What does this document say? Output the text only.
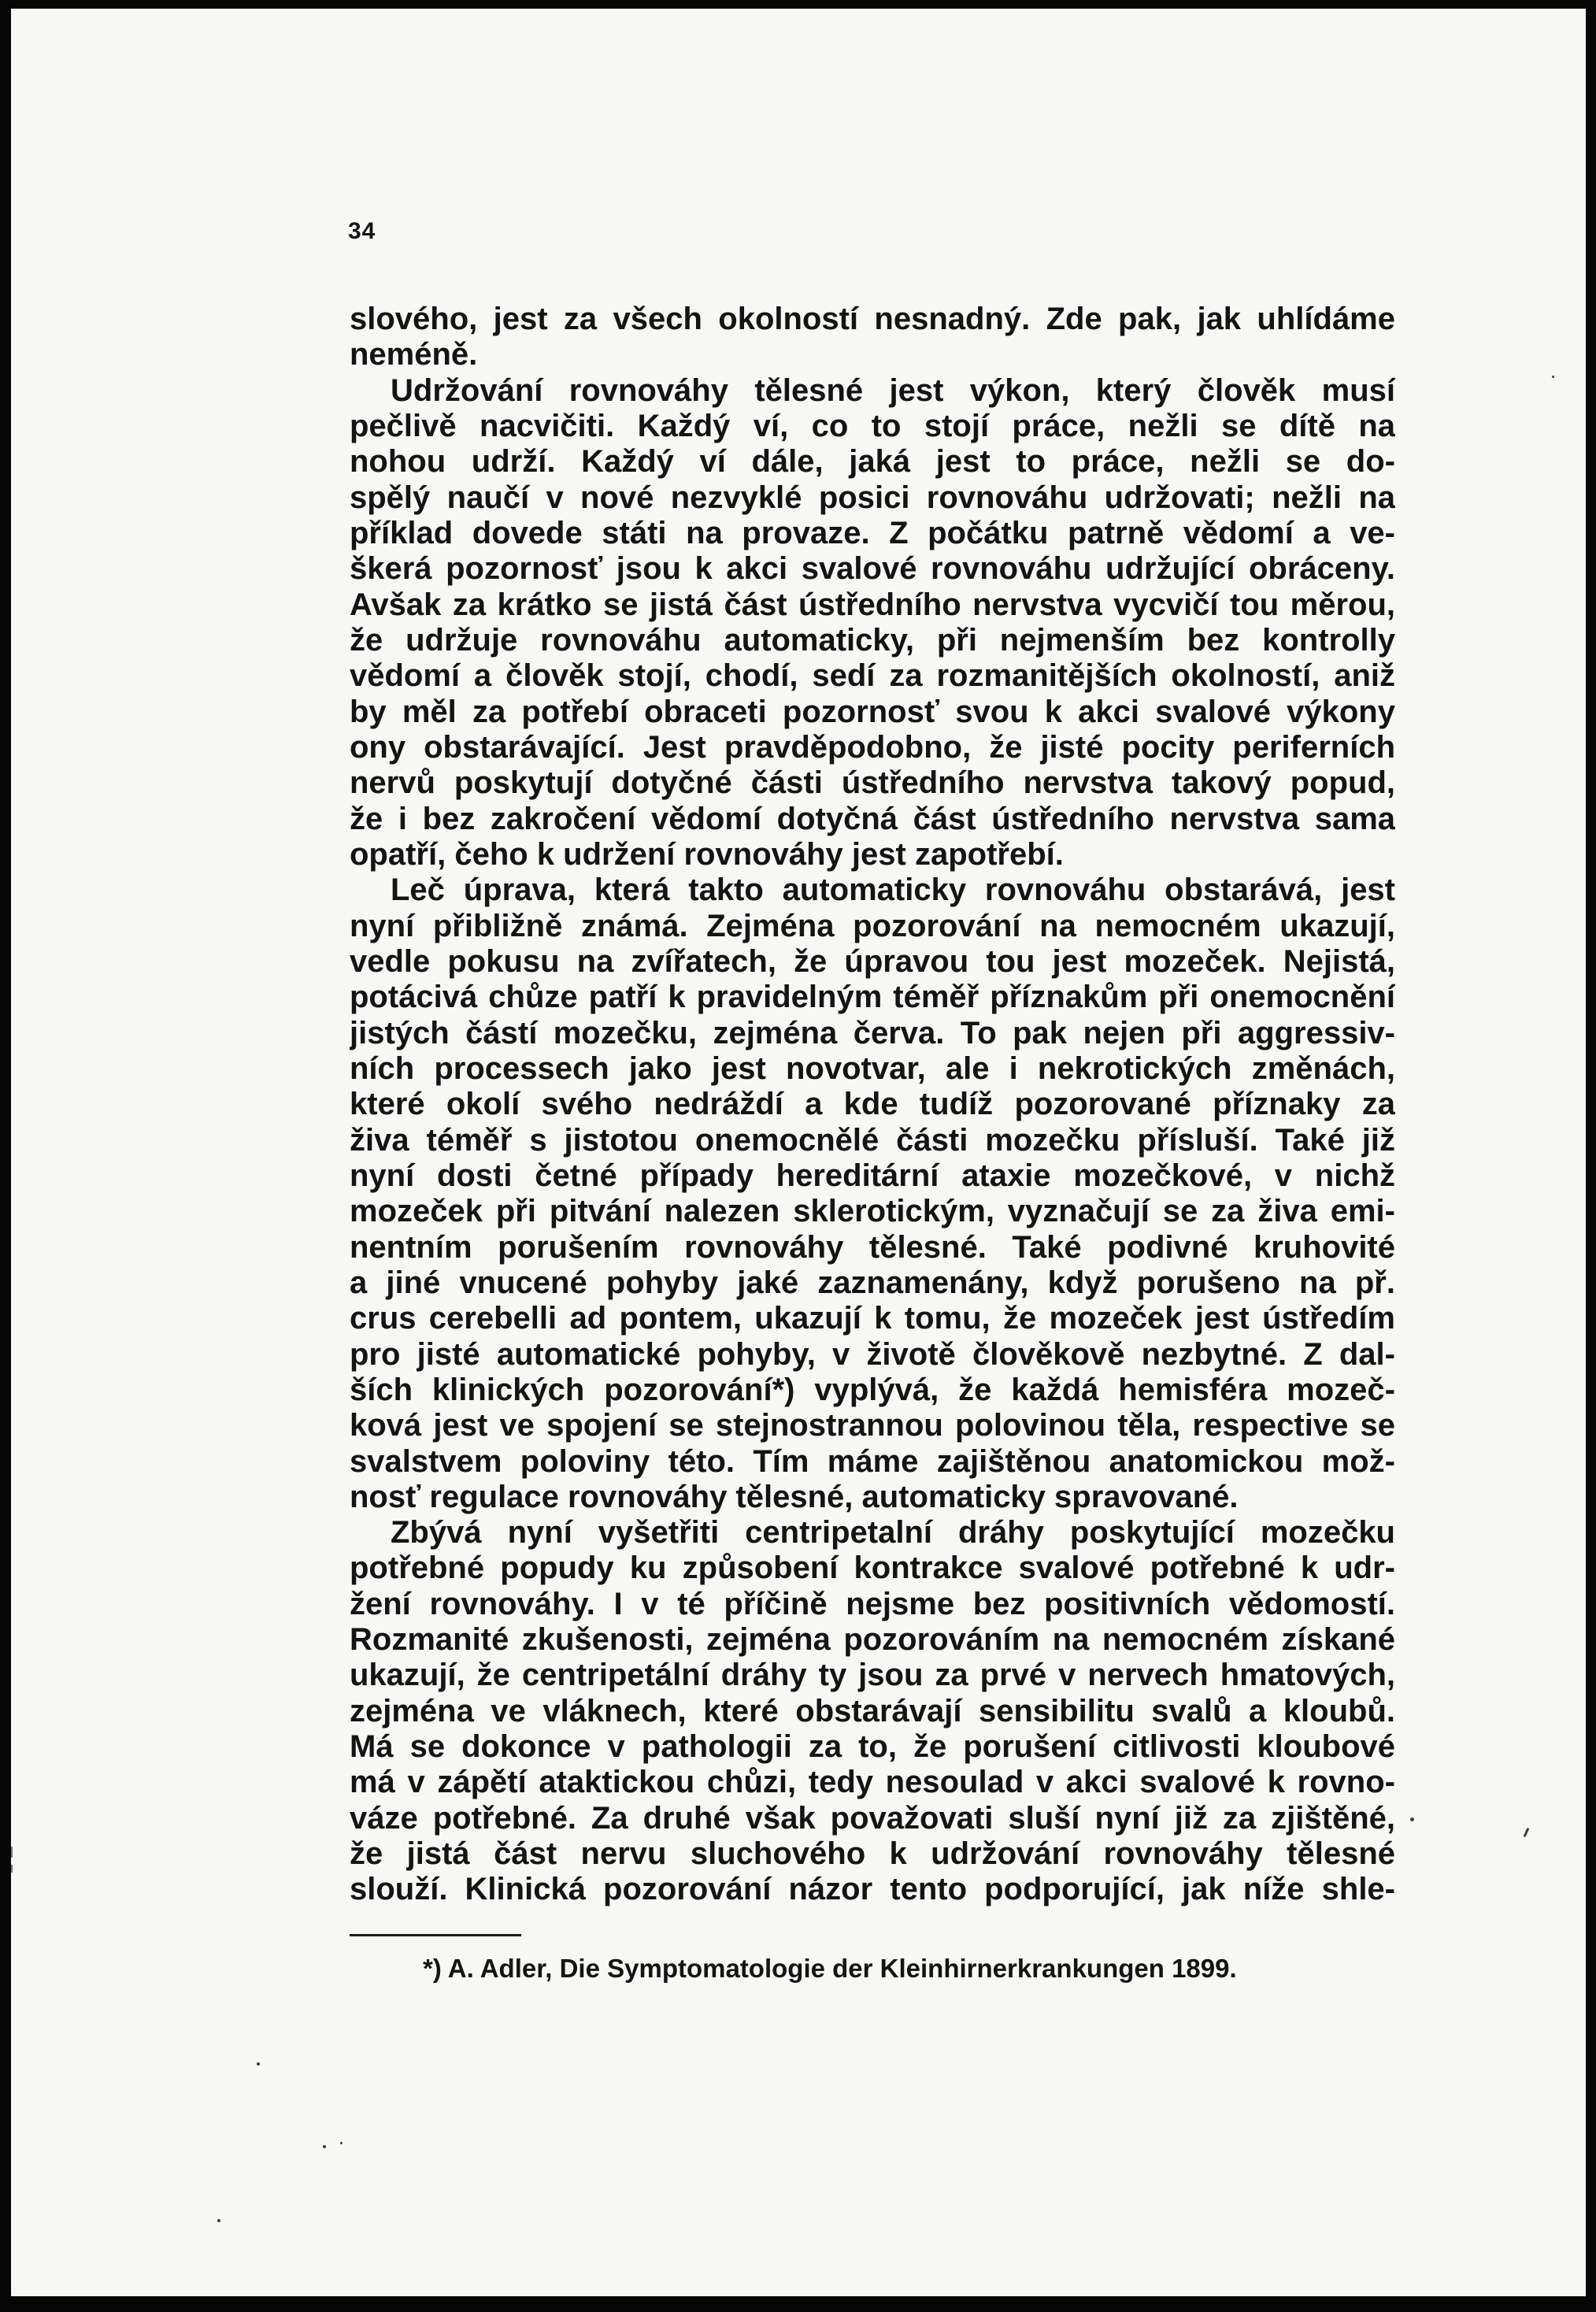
34
slového, jest za všech okolností nesnadný. Zde pak, jak uhlídáme
neméně.
Udržování rovnováhy tělesné jest výkon, který člověk musí
pečlivě nacvičiti. Každý ví, co to stojí práce, nežli se dítě na
nohou udrží. Každý ví dále, jaká jest to práce, nežli se do-
spělý naučí v nové nezvyklé posici rovnováhu udržovati; nežli na
příklad dovede státi na provaze. Z počátku patrně vědomí a ve-
škerá pozornosť jsou k akci svalové rovnováhu udržující obráceny.
Avšak za krátko se jistá část ústředního nervstva vycvičí tou měrou,
že udržuje rovnováhu automaticky, při nejmenším bez kontrolly
vědomí a člověk stojí, chodí, sedí za rozmanitějších okolností, aniž
by měl za potřebí obraceti pozornosť svou k akci svalové výkony
ony obstarávající. Jest pravděpodobno, že jisté pocity periferních
nervů poskytují dotyčné části ústředního nervstva takový popud,
že i bez zakročení vědomí dotyčná část ústředního nervstva sama
opatří, čeho k udržení rovnováhy jest zapotřebí.
Leč úprava, která takto automaticky rovnováhu obstarává, jest
nyní přibližně známá. Zejména pozorování na nemocném ukazují,
vedle pokusu na zvířatech, že úpravou tou jest mozeček. Nejistá,
potácivá chůze patří k pravidelným téměř příznakům při onemocnění
jistých částí mozečku, zejména červa. To pak nejen při aggressiv-
ních processech jako jest novotvar, ale i nekrotických změnách,
které okolí svého nedráždí a kde tudíž pozorované příznaky za
živa téměř s jistotou onemocnělé části mozečku přísluší. Také již
nyní dosti četné případy hereditární ataxie mozečkové, v nichž
mozeček při pitvání nalezen sklerotickým, vyznačují se za živa emi-
nentním porušením rovnováhy tělesné. Také podivné kruhovité
a jiné vnucené pohyby jaké zaznamenány, když porušeno na př.
crus cerebelli ad pontem, ukazují k tomu, že mozeček jest ústředím
pro jisté automatické pohyby, v životě člověkově nezbytné. Z dal-
ších klinických pozorování*) vyplývá, že každá hemisféra mozeč-
ková jest ve spojení se stejnostrannou polovinou těla, respective se
svalstvem poloviny této. Tím máme zajištěnou anatomickou mož-
nosť regulace rovnováhy tělesné, automaticky spravované.
Zbývá nyní vyšetřiti centripetalní dráhy poskytující mozečku
potřebné popudy ku způsobení kontrakce svalové potřebné k udr-
žení rovnováhy. I v té příčině nejsme bez positivních vědomostí.
Rozmanité zkušenosti, zejména pozorováním na nemocném získané
ukazují, že centripetální dráhy ty jsou za prvé v nervech hmatových,
zejména ve vláknech, které obstarávají sensibilitu svalů a kloubů.
Má se dokonce v pathologii za to, že porušení citlivosti kloubové
má v zápětí ataktickou chůzi, tedy nesoulad v akci svalové k rovno-
váze potřebné. Za druhé však považovati sluší nyní již za zjištěné,
že jistá část nervu sluchového k udržování rovnováhy tělesné
slouží. Klinická pozorování názor tento podporující, jak níže shle-
*) A. Adler, Die Symptomatologie der Kleinhirnerkrankungen 1899.
